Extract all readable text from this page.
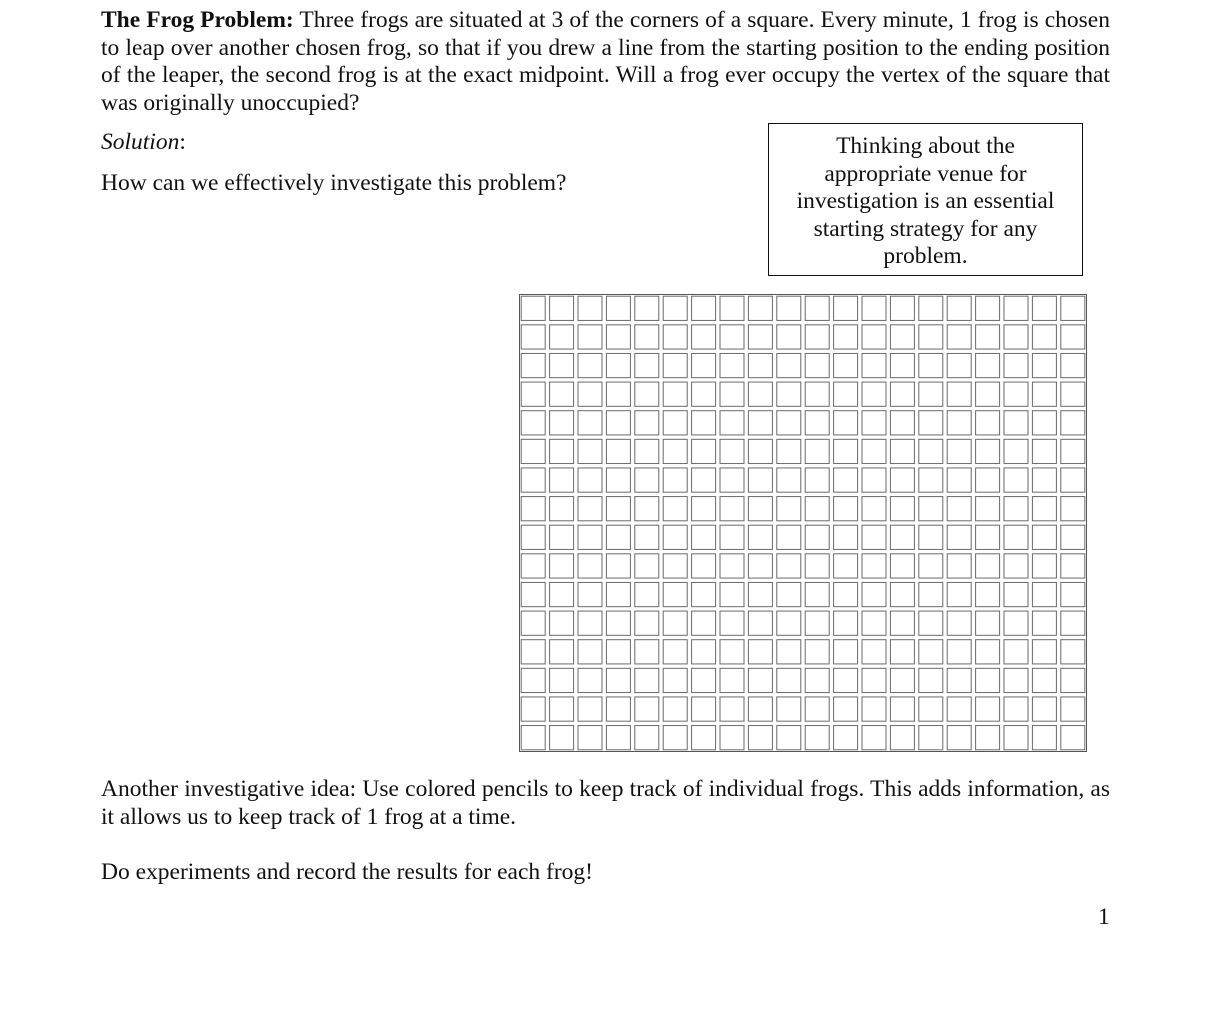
The Frog Problem: Three frogs are situated at 3 of the corners of a square. Every minute, 1 frog is chosen to leap over another chosen frog, so that if you drew a line from the starting position to the ending position of the leaper, the second frog is at the exact midpoint. Will a frog ever occupy the vertex of the square that was originally unoccupied?

Solution:

How can we effectively investigate this problem?

Thinking about the appropriate venue for investigation is an essential starting strategy for any problem.

Another investigative idea: Use colored pencils to keep track of individual frogs. This adds information, as it allows us to keep track of 1 frog at a time.

Do experiments and record the results for each frog!

1
